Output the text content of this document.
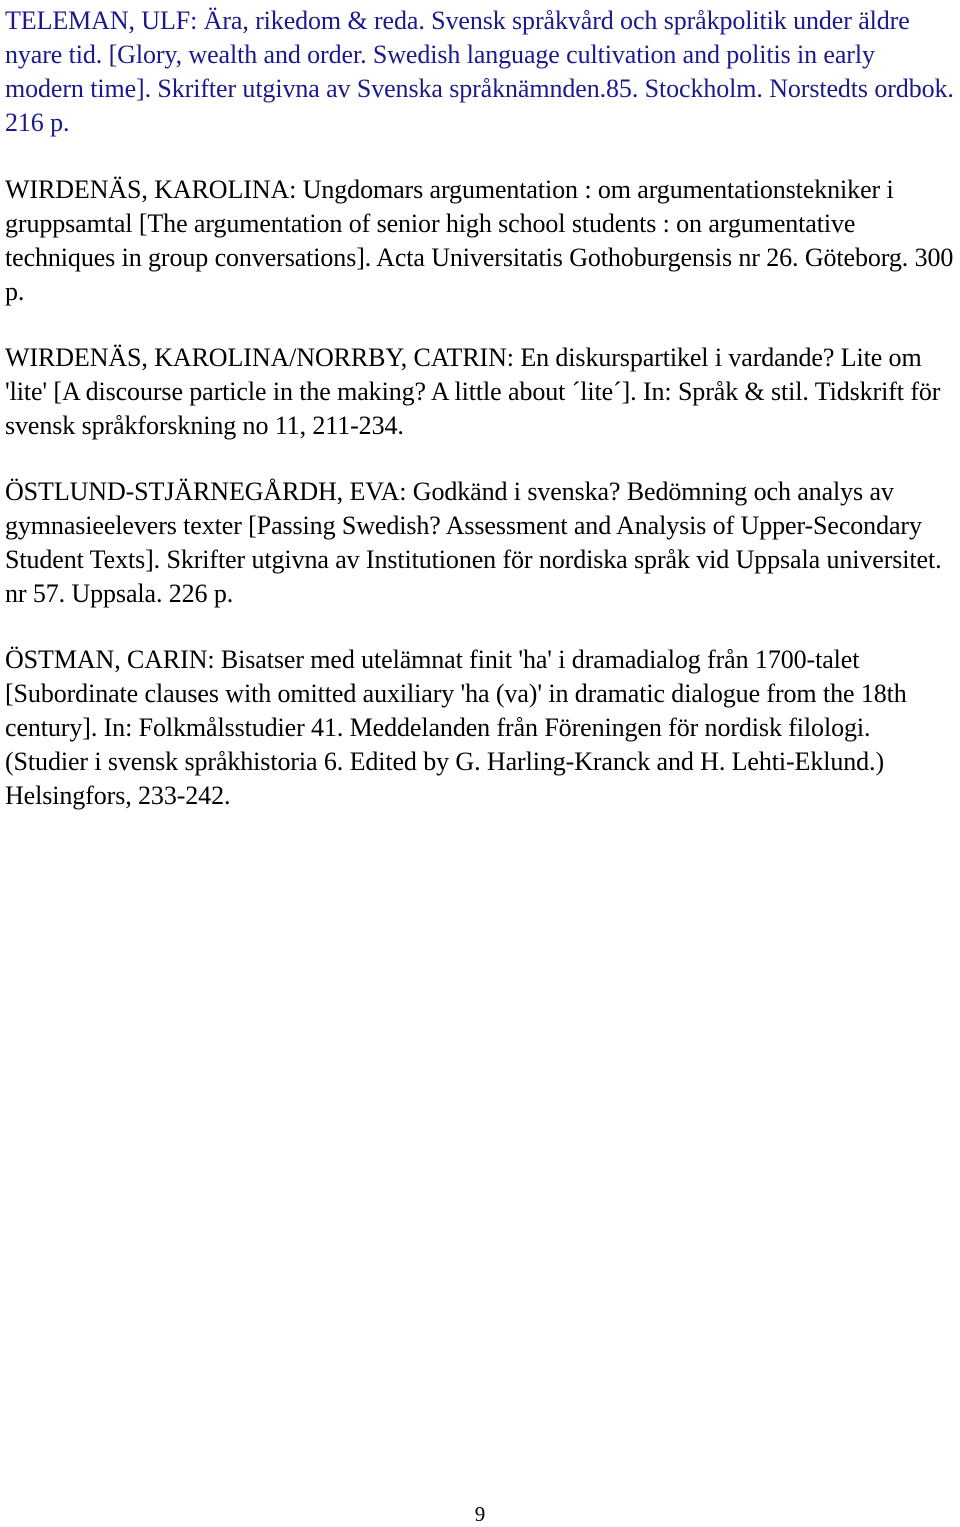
TELEMAN, ULF: Ära, rikedom & reda. Svensk språkvård och språkpolitik under äldre nyare tid. [Glory, wealth and order. Swedish language cultivation and politis in early modern time]. Skrifter utgivna av Svenska språknämnden.85. Stockholm. Norstedts ordbok. 216 p.

WIRDENÄS, KAROLINA: Ungdomars argumentation : om argumentationstekniker i gruppsamtal [The argumentation of senior high school students : on argumentative techniques in group conversations]. Acta Universitatis Gothoburgensis nr 26. Göteborg. 300 p.

WIRDENÄS, KAROLINA/NORRBY, CATRIN: En diskurspartikel i vardande? Lite om 'lite' [A discourse particle in the making? A little about ´lite´]. In: Språk & stil. Tidskrift för svensk språkforskning no 11, 211-234.

ÖSTLUND-STJÄRNEGÅRDH, EVA: Godkänd i svenska? Bedömning och analys av gymnasieelevers texter [Passing Swedish? Assessment and Analysis of Upper-Secondary Student Texts]. Skrifter utgivna av Institutionen för nordiska språk vid Uppsala universitet. nr 57. Uppsala. 226 p.

ÖSTMAN, CARIN: Bisatser med utelämnat finit 'ha' i dramadialog från 1700-talet [Subordinate clauses with omitted auxiliary 'ha (va)' in dramatic dialogue from the 18th century]. In: Folkmålsstudier 41. Meddelanden från Föreningen för nordisk filologi. (Studier i svensk språkhistoria 6. Edited by G. Harling-Kranck and H. Lehti-Eklund.) Helsingfors, 233-242.

9
